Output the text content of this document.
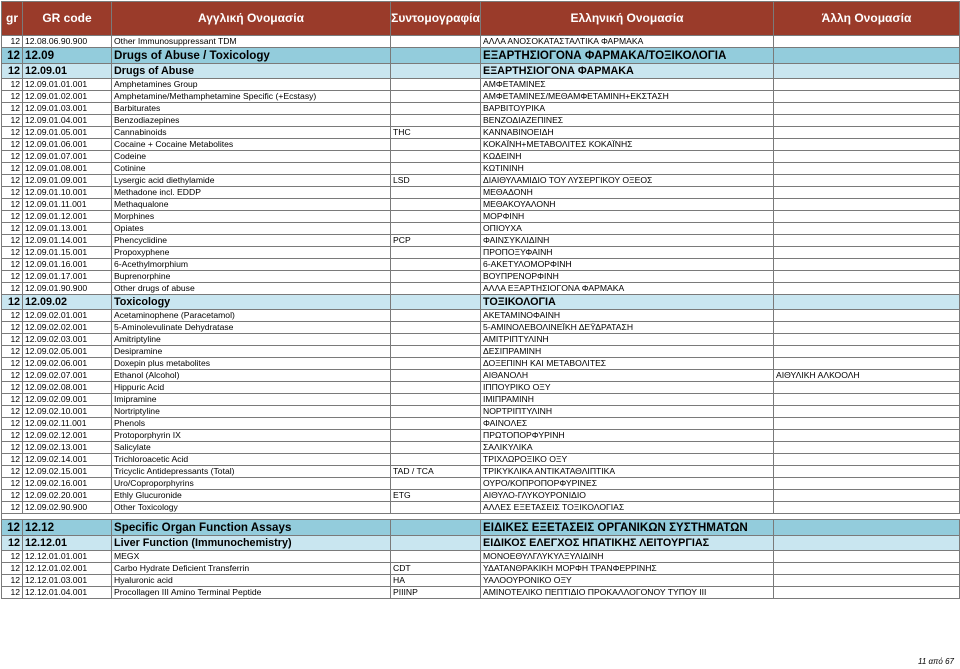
gr	GR code	Αγγλική Ονομασία	Συντομογραφία	Ελληνική Ονομασία	Άλλη Ονομασία
12	12.08.06.90.900	Other Immunosuppressant TDM		ΑΛΛΑ ΑΝΟΣΟΚΑΤΑΣΤΑΛΤΙΚΑ ΦΑΡΜΑΚΑ	
12	12.09	Drugs of Abuse / Toxicology		ΕΞΑΡΤΗΣΙΟΓΟΝΑ ΦΑΡΜΑΚΑ/ΤΟΞΙΚΟΛΟΓΙΑ	
12	12.09.01	Drugs of Abuse		ΕΞΑΡΤΗΣΙΟΓΟΝΑ ΦΑΡΜΑΚΑ	
12	12.09.01.01.001	Amphetamines Group		ΑΜΦΕΤΑΜΙΝΕΣ	
12	12.09.01.02.001	Amphetamine/Methamphetamine Specific (+Ecstasy)		ΑΜΦΕΤΑΜΙΝΕΣ/ΜΕΘΑΜΦΕΤΑΜΙΝΗ+ΕΚΣΤΑΣΗ	
12	12.09.01.03.001	Barbiturates		ΒΑΡΒΙΤΟΥΡΙΚΑ	
12	12.09.01.04.001	Benzodiazepines		ΒΕΝΖΟΔΙΑΖΕΠΙΝΕΣ	
12	12.09.01.05.001	Cannabinoids	THC	ΚΑΝΝΑΒΙΝΟΕΙΔΗ	
12	12.09.01.06.001	Cocaine + Cocaine Metabolites		ΚΟΚΑΪΝΗ+ΜΕΤΑΒΟΛΙΤΕΣ ΚΟΚΑΪΝΗΣ	
12	12.09.01.07.001	Codeine		ΚΩΔΕΙΝΗ	
12	12.09.01.08.001	Cotinine		ΚΩΤΙΝΙΝΗ	
12	12.09.01.09.001	Lysergic acid diethylamide	LSD	ΔΙΑΙΘΥΛΑΜΙΔΙΟ ΤΟΥ ΛΥΣΕΡΓΙΚΟΥ ΟΞΕΟΣ	
12	12.09.01.10.001	Methadone incl. EDDP		ΜΕΘΑΔΟΝΗ	
12	12.09.01.11.001	Methaqualone		ΜΕΘΑΚΟΥΑΛΟΝΗ	
12	12.09.01.12.001	Morphines		ΜΟΡΦΙΝΗ	
12	12.09.01.13.001	Opiates		ΟΠΙΟΥΧΑ	
12	12.09.01.14.001	Phencyclidine	PCP	ΦΑΙΝΣΥΚΛΙΔΙΝΗ	
12	12.09.01.15.001	Propoxyphene		ΠΡΟΠΟΞΥΦΑΙΝΗ	
12	12.09.01.16.001	6-Acethylmorphium		6-ΑΚΕΤΥΛΟΜΟΡΦΙΝΗ	
12	12.09.01.17.001	Buprenorphine		ΒΟΥΠΡΕΝΟΡΦΙΝΗ	
12	12.09.01.90.900	Other drugs of abuse		ΑΛΛΑ ΕΞΑΡΤΗΣΙΟΓΟΝΑ ΦΑΡΜΑΚΑ	
12	12.09.02	Toxicology		ΤΟΞΙΚΟΛΟΓΙΑ	
12	12.09.02.01.001	Acetaminophene (Paracetamol)		ΑΚΕΤΑΜΙΝΟΦΑΙΝΗ	
12	12.09.02.02.001	5-Aminolevulinate Dehydratase		5-ΑΜΙΝΟΛΕΒΟΛΙΝΕΪΚΗ ΔΕΫΔΡΑΤΑΣΗ	
12	12.09.02.03.001	Amitriptyline		ΑΜΙΤΡΙΠΤΥΛΙΝΗ	
12	12.09.02.05.001	Desipramine		ΔΕΣΙΠΡΑΜΙΝΗ	
12	12.09.02.06.001	Doxepin plus metabolites		ΔΟΞΕΠΙΝΗ ΚΑΙ ΜΕΤΑΒΟΛΙΤΕΣ	
12	12.09.02.07.001	Ethanol (Alcohol)		ΑΙΘΑΝΟΛΗ	ΑΙΘΥΛΙΚΗ ΑΛΚΟΟΛΗ
12	12.09.02.08.001	Hippuric Acid		ΙΠΠΟΥΡΙΚΟ ΟΞΥ	
12	12.09.02.09.001	Imipramine		ΙΜΙΠΡΑΜΙΝΗ	
12	12.09.02.10.001	Nortriptyline		ΝΟΡΤΡΙΠΤΥΛΙΝΗ	
12	12.09.02.11.001	Phenols		ΦΑΙΝΟΛΕΣ	
12	12.09.02.12.001	Protoporphyrin IX		ΠΡΩΤΟΠΟΡΦΥΡΙΝΗ	
12	12.09.02.13.001	Salicylate		ΣΑΛΙΚΥΛΙΚΑ	
12	12.09.02.14.001	Trichloroacetic Acid		ΤΡΙΧΛΩΡΟΞΙΚΟ ΟΞΥ	
12	12.09.02.15.001	Tricyclic Antidepressants (Total)	TAD / TCA	ΤΡΙΚΥΚΛΙΚΑ ΑΝΤΙΚΑΤΑΘΛΙΠΤΙΚΑ	
12	12.09.02.16.001	Uro/Coproporphyrins		ΟΥΡΟ/ΚΟΠΡΟΠΟΡΦΥΡΙΝΕΣ	
12	12.09.02.20.001	Ethly Glucuronide	ETG	ΑΙΘΥΛΟ-ΓΛΥΚΟΥΡΟΝΙΔΙΟ	
12	12.09.02.90.900	Other Toxicology		ΑΛΛΕΣ ΕΞΕΤΑΣΕΙΣ ΤΟΞΙΚΟΛΟΓΙΑΣ	

12	12.12	Specific Organ Function Assays		ΕΙΔΙΚΕΣ ΕΞΕΤΑΣΕΙΣ ΟΡΓΑΝΙΚΩΝ ΣΥΣΤΗΜΑΤΩΝ	
12	12.12.01	Liver Function (Immunochemistry)		ΕΙΔΙΚΟΣ ΕΛΕΓΧΟΣ ΗΠΑΤΙΚΗΣ ΛΕΙΤΟΥΡΓΙΑΣ	
12	12.12.01.01.001	MEGX		ΜΟΝΟΕΘΥΛΓΛΥΚΥΛΞΥΛΙΔΙΝΗ	
12	12.12.01.02.001	Carbo Hydrate Deficient Transferrin	CDT	ΥΔΑΤΑΝΘΡΑΚΙΚΗ ΜΟΡΦΗ ΤΡΑΝΦΕΡΡΙΝΗΣ	
12	12.12.01.03.001	Hyaluronic acid	HA	ΥΑΛΟΟΥΡΟΝΙΚΟ ΟΞΥ	
12	12.12.01.04.001	Procollagen III Amino Terminal Peptide	PIIINP	ΑΜΙΝΟΤΕΛΙΚΟ ΠΕΠΤΙΔΙΟ ΠΡΟΚΑΛΛΟΓΟΝΟΥ ΤΥΠΟΥ III	
11 από 67
